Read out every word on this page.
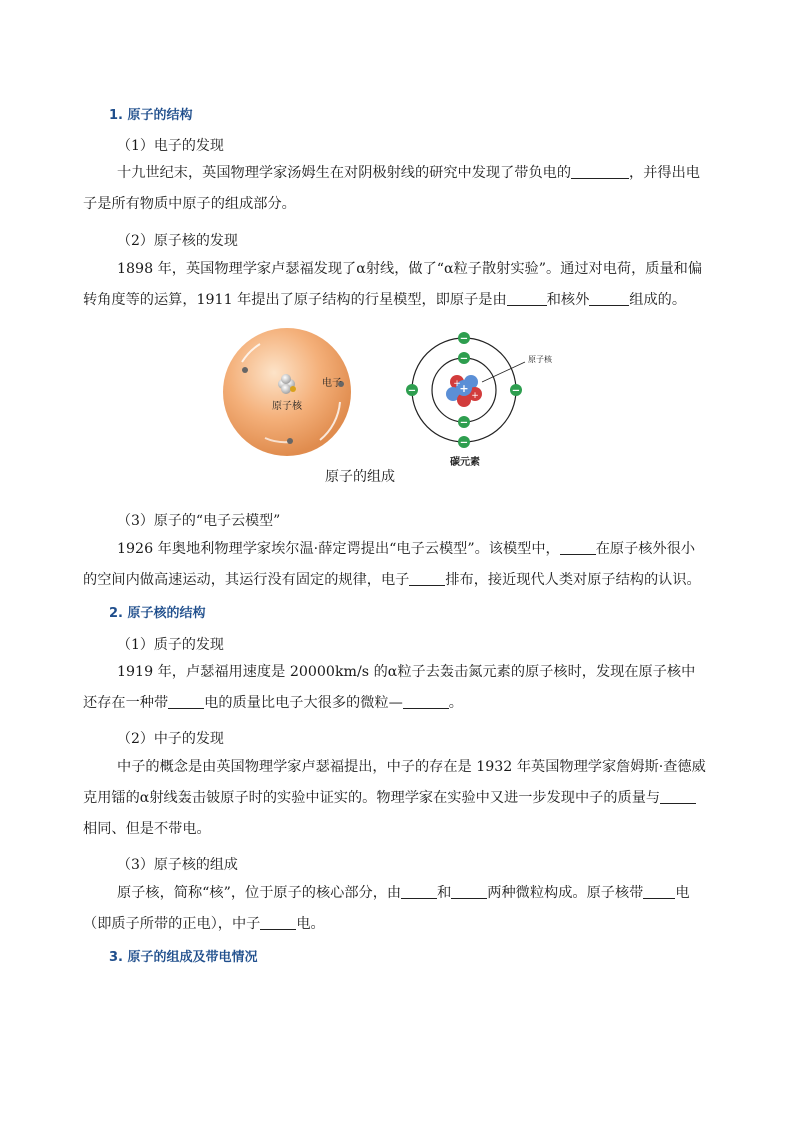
1. 原子的结构
（1）电子的发现

十九世纪末，英国物理学家汤姆生在对阴极射线的研究中发现了带负电的	，并得出电子是所有物质中原子的组成部分。

（2）原子核的发现

1898 年，英国物理学家卢瑟福发现了α射线，做了“α粒子散射实验”。通过对电荷，质量和偏转角度等的运算，1911 年提出了原子结构的行星模型，即原子是由	和核外	组成的。

原子核
电子	+
+
+
−
−
−	−
−
−
原子核
碳元素
原子的组成
（3）原子的“电子云模型”

1926 年奥地利物理学家埃尔温·薛定谔提出“电子云模型”。该模型中，	在原子核外很小的空间内做高速运动，其运行没有固定的规律，电子	排布，接近现代人类对原子结构的认识。

2. 原子核的结构
（1）质子的发现

1919 年，卢瑟福用速度是 20000km/s 的α粒子去轰击氮元素的原子核时，发现在原子核中还存在一种带	电的质量比电子大很多的微粒—	。

（2）中子的发现

中子的概念是由英国物理学家卢瑟福提出，中子的存在是 1932 年英国物理学家詹姆斯·查德威克用镭的α射线轰击铍原子时的实验中证实的。物理学家在实验中又进一步发现中子的质量与相同、但是不带电。

（3）原子核的组成

原子核，简称“核”，位于原子的核心部分，由	和	两种微粒构成。原子核带 电（即质子所带的正电），中子	电。

3. 原子的组成及带电情况
